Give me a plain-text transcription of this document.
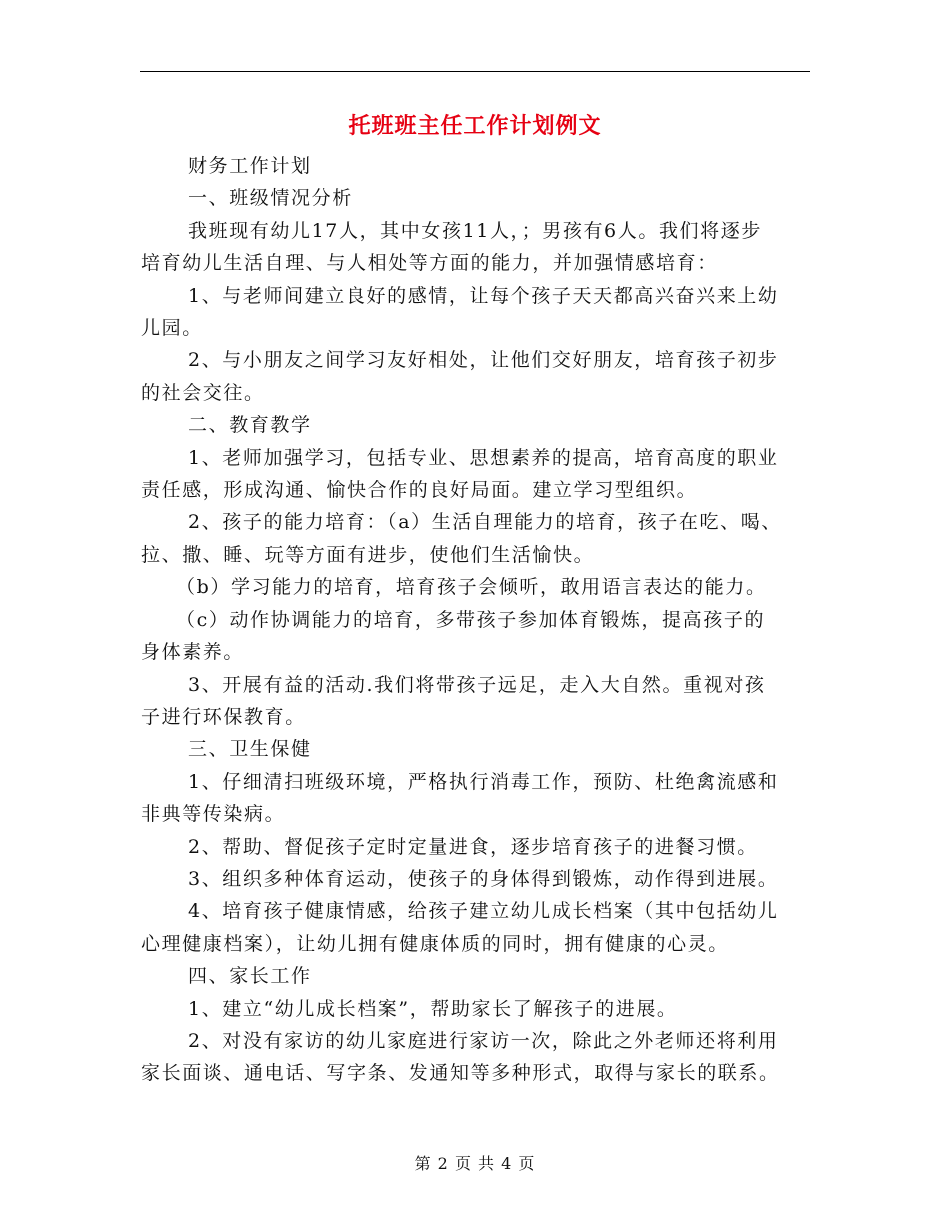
托班班主任工作计划例文

财务工作计划

一、班级情况分析

我班现有幼儿17人，其中女孩11人，；男孩有6人。我们将逐步

培育幼儿生活自理、与人相处等方面的能力，并加强情感培育：

1、与老师间建立良好的感情，让每个孩子天天都高兴奋兴来上幼

儿园。

2、与小朋友之间学习友好相处，让他们交好朋友，培育孩子初步

的社会交往。

二、教育教学

1、老师加强学习，包括专业、思想素养的提高，培育高度的职业

责任感，形成沟通、愉快合作的良好局面。建立学习型组织。

2、孩子的能力培育：（a）生活自理能力的培育，孩子在吃、喝、

拉、撒、睡、玩等方面有进步，使他们生活愉快。

（b）学习能力的培育，培育孩子会倾听，敢用语言表达的能力。

（c）动作协调能力的培育，多带孩子参加体育锻炼，提高孩子的

身体素养。

3、开展有益的活动.我们将带孩子远足，走入大自然。重视对孩

子进行环保教育。

三、卫生保健

1、仔细清扫班级环境，严格执行消毒工作，预防、杜绝禽流感和

非典等传染病。

2、帮助、督促孩子定时定量进食，逐步培育孩子的进餐习惯。

3、组织多种体育运动，使孩子的身体得到锻炼，动作得到进展。

4、培育孩子健康情感，给孩子建立幼儿成长档案（其中包括幼儿

心理健康档案），让幼儿拥有健康体质的同时，拥有健康的心灵。

四、家长工作

1、建立“幼儿成长档案”，帮助家长了解孩子的进展。

2、对没有家访的幼儿家庭进行家访一次，除此之外老师还将利用

家长面谈、通电话、写字条、发通知等多种形式，取得与家长的联系。

第 2 页 共 4 页
